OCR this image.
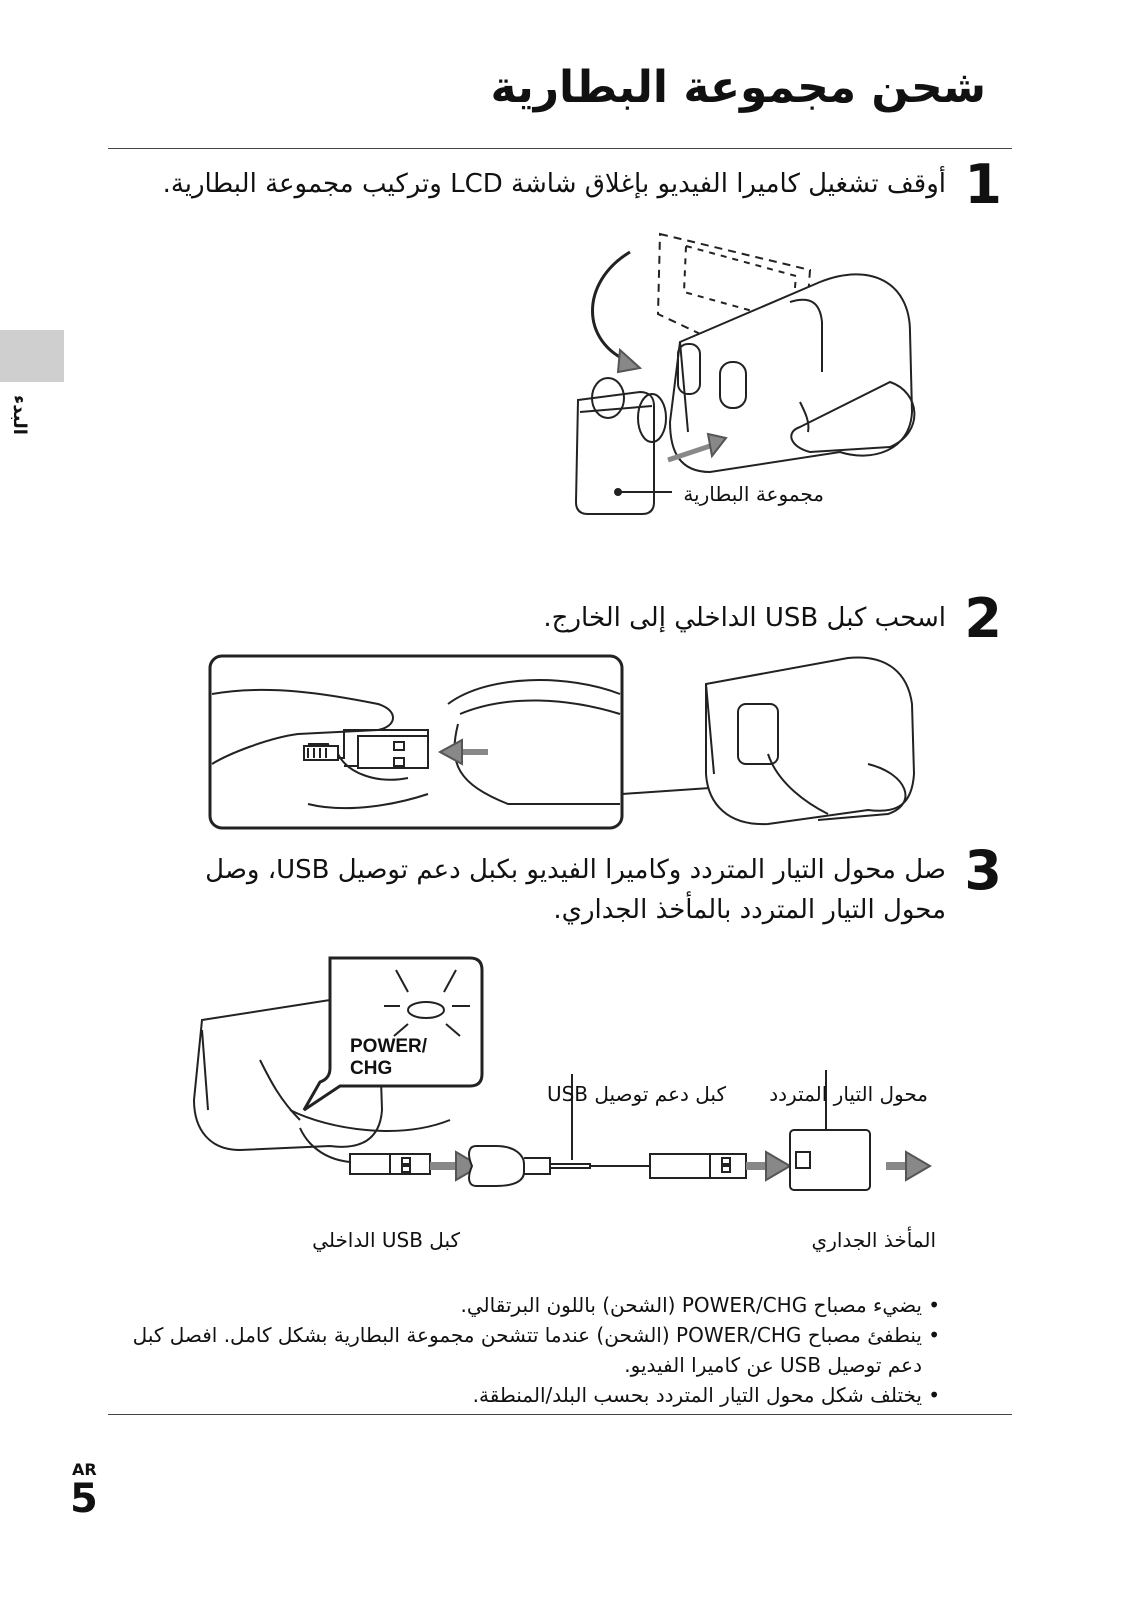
شحن مجموعة البطارية
البدء
1
أوقف تشغيل كاميرا الفيديو بإغلاق شاشة LCD وتركيب مجموعة البطارية.
مجموعة البطارية
2
اسحب كبل USB الداخلي إلى الخارج.
3
صل محول التيار المتردد وكاميرا الفيديو بكبل دعم توصيل USB، وصل محول التيار المتردد بالمأخذ الجداري.
POWER/
CHG
كبل دعم توصيل USB محول التيار المتردد
كبل USB الداخلي	المأخذ الجداري
• يضيء مصباح POWER/CHG (الشحن) باللون البرتقالي.
• ينطفئ مصباح POWER/CHG (الشحن) عندما تتشحن مجموعة البطارية بشكل كامل. افصل كبل دعم توصيل USB عن كاميرا الفيديو.
• يختلف شكل محول التيار المتردد بحسب البلد/المنطقة.
AR
5
